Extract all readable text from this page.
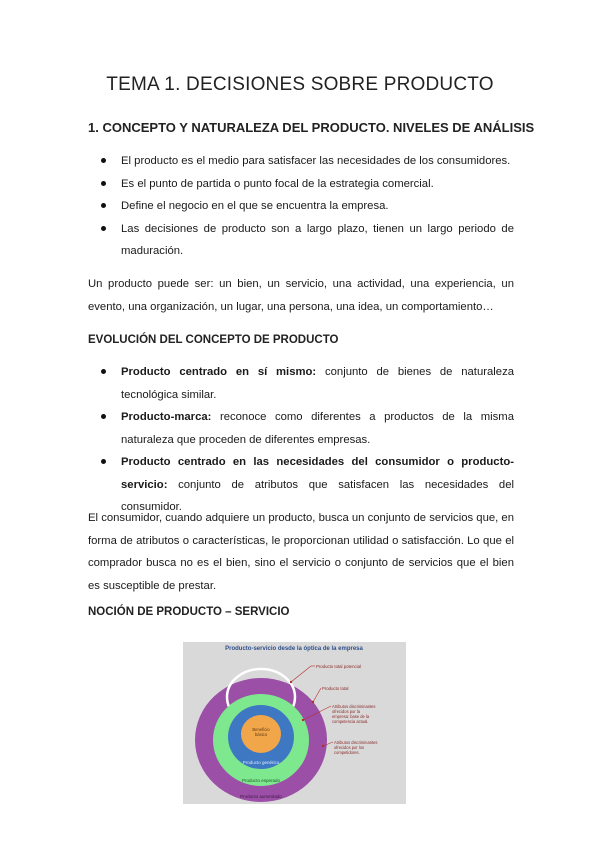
TEMA 1. DECISIONES SOBRE PRODUCTO
1. CONCEPTO Y NATURALEZA DEL PRODUCTO. NIVELES DE ANÁLISIS
El producto es el medio para satisfacer las necesidades de los consumidores.
Es el punto de partida o punto focal de la estrategia comercial.
Define el negocio en el que se encuentra la empresa.
Las decisiones de producto son a largo plazo, tienen un largo periodo de maduración.

Un producto puede ser: un bien, un servicio, una actividad, una experiencia, un evento, una organización, un lugar, una persona, una idea, un comportamiento…

EVOLUCIÓN DEL CONCEPTO DE PRODUCTO
Producto centrado en sí mismo: conjunto de bienes de naturaleza tecnológica similar.
Producto-marca: reconoce como diferentes a productos de la misma naturaleza que proceden de diferentes empresas.
Producto centrado en las necesidades del consumidor o producto-servicio: conjunto de atributos que satisfacen las necesidades del consumidor.

El consumidor, cuando adquiere un producto, busca un conjunto de servicios que, en forma de atributos o características, le proporcionan utilidad o satisfacción. Lo que el comprador busca no es el bien, sino el servicio o conjunto de servicios que el bien es susceptible de prestar.

NOCIÓN DE PRODUCTO – SERVICIO
Producto-servicio desde la óptica de la empresa
Beneficio básico
Producto genérico
Producto esperado
Producto aumentado
Producto total potencial
Producto total
Atributos discriminantes ofrecidos por la empresa: base de la competencia actual.
Atributos discriminantes ofrecidos por los competidores.
